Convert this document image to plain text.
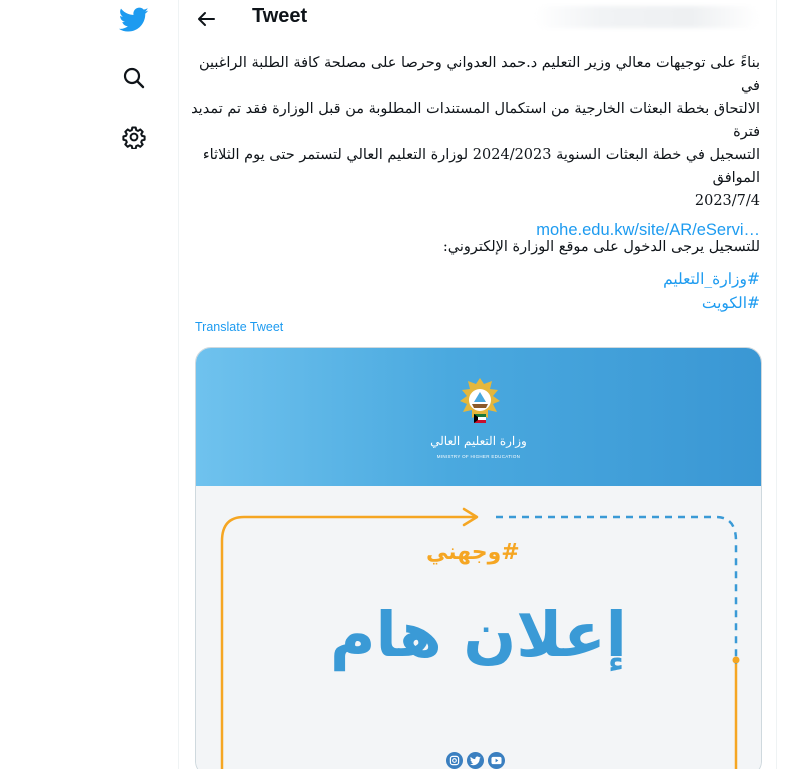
Tweet
بناءً على توجيهات معالي وزير التعليم د.حمد العدواني وحرصا على مصلحة كافة الطلبة الراغبين في
الالتحاق بخطة البعثات الخارجية من استكمال المستندات المطلوبة من قبل الوزارة فقد تم تمديد فترة
التسجيل في خطة البعثات السنوية 2024/2023 لوزارة التعليم العالي لتستمر حتى يوم الثلاثاء الموافق
2023/7/4
للتسجيل يرجى الدخول على موقع الوزارة الإلكتروني:
mohe.edu.kw/site/AR/eServi…
#وزارة_التعليم
#الكويت
Translate Tweet
وزارة التعليم العالي
MINISTRY OF HIGHER EDUCATION
#وجهني
إعلان هام
